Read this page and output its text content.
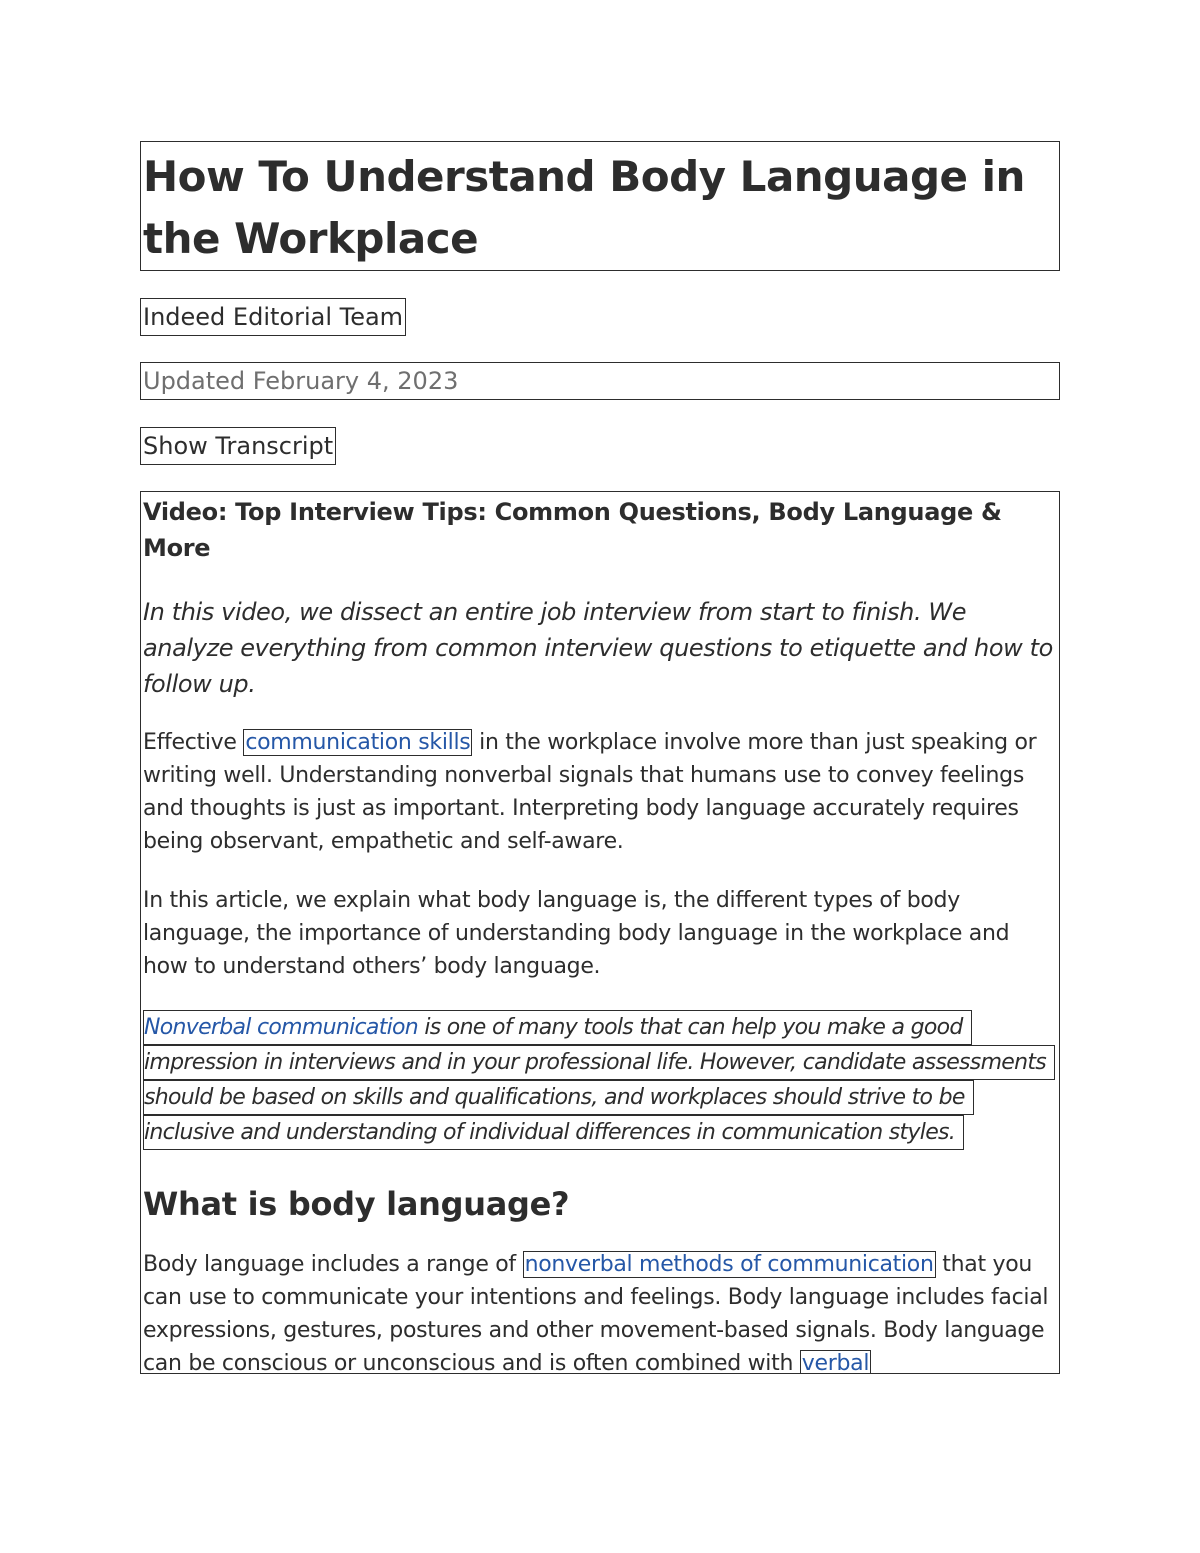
How To Understand Body Language in the Workplace
Indeed Editorial Team
Updated February 4, 2023
Show Transcript

Video: Top Interview Tips: Common Questions, Body Language & More

In this video, we dissect an entire job interview from start to finish. We analyze everything from common interview questions to etiquette and how to follow up.

Effective communication skills in the workplace involve more than just speaking or writing well. Understanding nonverbal signals that humans use to convey feelings and thoughts is just as important. Interpreting body language accurately requires being observant, empathetic and self-aware.

In this article, we explain what body language is, the different types of body language, the importance of understanding body language in the workplace and how to understand others’ body language.

Nonverbal communication is one of many tools that can help you make a good
impression in interviews and in your professional life. However, candidate assessments
should be based on skills and qualifications, and workplaces should strive to be
inclusive and understanding of individual differences in communication styles.
What is body language?

Body language includes a range of nonverbal methods of communication that you can use to communicate your intentions and feelings. Body language includes facial expressions, gestures, postures and other movement-based signals. Body language can be conscious or unconscious and is often combined with verbal
